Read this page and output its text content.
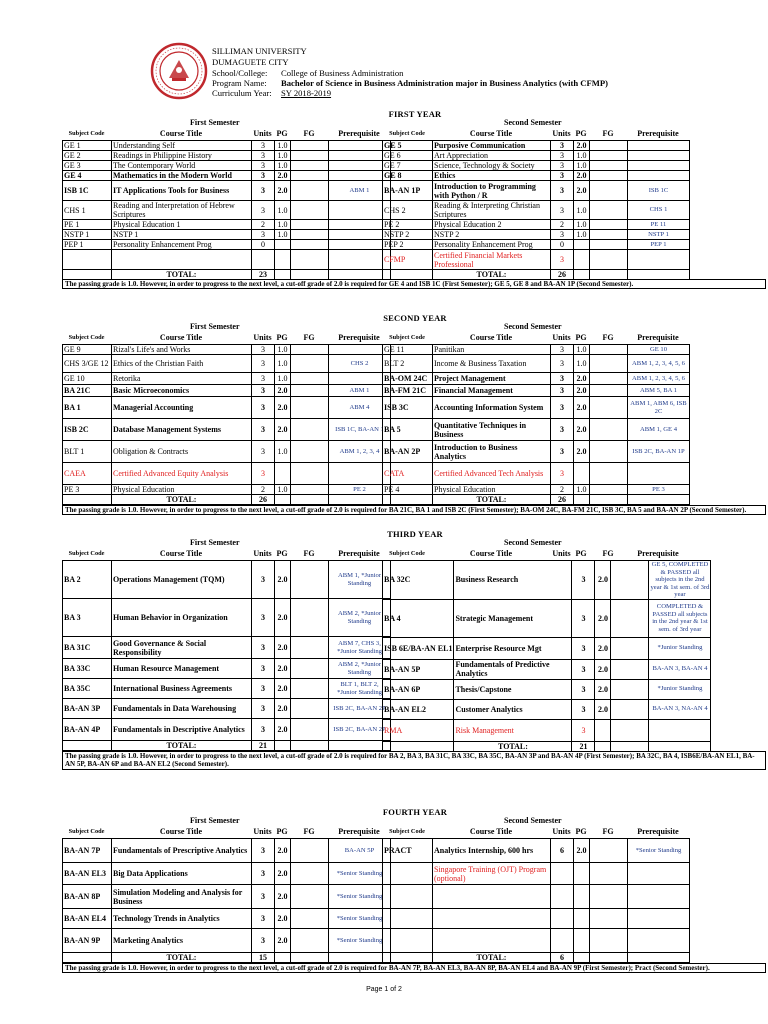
SILLIMAN UNIVERSITY
DUMAGUETE CITY
School/College: College of Business Administration
Program Name: Bachelor of Science in Business Administration major in Business Analytics (with CFMP)
Curriculum Year: SY 2018-2019
FIRST YEAR
First Semester
Subject Code	Course Title	Units PG	FG	Prerequisite
GE 1	Understanding Self	3	1.0		
GE 2	Readings in Philippine History	3	1.0		
GE 3	The Contemporary World	3	1.0		
GE 4	Mathematics in the Modern World	3	2.0		
ISB 1C	IT Applications Tools for Business	3	2.0		ABM 1
CHS 1	Reading and Interpretation of Hebrew Scriptures	3	1.0		
PE 1	Physical Education 1	2	1.0		
NSTP 1	NSTP 1	3	1.0		
PEP 1	Personality Enhancement Prog	0			

	TOTAL:	23			
Second Semester
Subject Code	Course Title	Units PG	FG	Prerequisite
GE 5	Purposive Communication	3	2.0		
GE 6	Art Appreciation	3	1.0		
GE 7	Science, Technology & Society	3	1.0		
GE 8	Ethics	3	2.0		
BA-AN 1P	Introduction to Programming with Python / R	3	2.0		ISB 1C
CHS 2	Reading & Interpreting Christian Scriptures	3	1.0		CHS 1
PE 2	Physical Education 2	2	1.0		PE 11
NSTP 2	NSTP 2	3	1.0		NSTP 1
PEP 2	Personality Enhancement Prog	0			PEP 1
CFMP	Certified Financial Markets Professional	3			
	TOTAL:	26			
The passing grade is 1.0. However, in order to progress to the next level, a cut-off grade of 2.0 is required for GE 4 and ISB 1C (First Semester); GE 5, GE 8 and BA-AN 1P (Second Semester).
SECOND YEAR
First Semester
Subject Code	Course Title	Units PG	FG	Prerequisite
GE 9	Rizal's Life's and Works	3	1.0		
CHS 3/GE 12	Ethics of the Christian Faith	3	1.0		CHS 2
GE 10	Retorika	3	1.0		
BA 21C	Basic Microeconomics	3	2.0		ABM 1
BA 1	Managerial Accounting	3	2.0		ABM 4
ISB 2C	Database Management Systems	3	2.0		ISB 1C, BA-AN 1
BLT 1	Obligation & Contracts	3	1.0		ABM 1, 2, 3, 4
CAEA	Certified Advanced Equity Analysis	3			
PE 3	Physical Education	2	1.0		PE 2
	TOTAL:	26			
Second Semester
Subject Code	Course Title	Units PG	FG	Prerequisite
GE 11	Panitikan	3	1.0		GE 10
BLT 2	Income & Business Taxation	3	1.0		ABM 1, 2, 3, 4, 5, 6
BA-OM 24C	Project Management	3	2.0		ABM 1, 2, 3, 4, 5, 6
BA-FM 21C	Financial Management	3	2.0		ABM 5, BA 1
ISB 3C	Accounting Information System	3	2.0		ABM 1, ABM 6, ISB 2C
BA 5	Quantitative Techniques in Business	3	2.0		ABM 1, GE 4
BA-AN 2P	Introduction to Business Analytics	3	2.0		ISB 2C, BA-AN 1P
CATA	Certified Advanced Tech Analysis	3			
PE 4	Physical Education	2	1.0		PE 3
	TOTAL:	26			
The passing grade is 1.0. However, in order to progress to the next level, a cut-off grade of 2.0 is required for BA 21C, BA 1 and ISB 2C (First Semester); BA-OM 24C, BA-FM 21C, ISB 3C, BA 5 and BA-AN 2P (Second Semester).
THIRD YEAR
First Semester
Subject Code	Course Title	Units PG	FG	Prerequisite
BA 2	Operations Management (TQM)	3	2.0		ABM 1, *Junior Standing
BA 3	Human Behavior in Organization	3	2.0		ABM 2, *Junior Standing
BA 31C	Good Governance & Social Responsibility	3	2.0		ABM 7, CHS 3, *Junior Standing
BA 33C	Human Resource Management	3	2.0		ABM 2, *Junior Standing
BA 35C	International Business Agreements	3	2.0		BLT 1, BLT 2, *Junior Standing
BA-AN 3P	Fundamentals in Data Warehousing	3	2.0		ISB 2C, BA-AN 2P
BA-AN 4P	Fundamentals in Descriptive Analytics	3	2.0		ISB 2C, BA-AN 2P
	TOTAL:	21			
Second Semester
Subject Code	Course Title	Units PG	FG	Prerequisite
BA 32C	Business Research	3	2.0		GE 5, COMPLETED & PASSED all subjects in the 2nd year & 1st sem. of 3rd year
BA 4	Strategic Management	3	2.0		COMPLETED & PASSED all subjects in the 2nd year & 1st sem. of 3rd year
ISB 6E/BA-AN EL1	Enterprise Resource Mgt	3	2.0		*Junior Standing
BA-AN 5P	Fundamentals of Predictive Analytics	3	2.0		BA-AN 3, BA-AN 4
BA-AN 6P	Thesis/Capstone	3	2.0		*Junior Standing
BA-AN EL2	Customer Analytics	3	2.0		BA-AN 3, NA-AN 4
RMA	Risk Management	3			
	TOTAL:	21			
The passing grade is 1.0. However, in order to progress to the next level, a cut-off grade of 2.0 is required for BA 2, BA 3, BA 31C, BA 33C, BA 35C, BA-AN 3P and BA-AN 4P (First Semester); BA 32C, BA 4, ISB6E/BA-AN EL1, BA-AN 5P, BA-AN 6P and BA-AN EL2 (Second Semester).
FOURTH YEAR
First Semester
Subject Code	Course Title	Units PG	FG	Prerequisite
BA-AN 7P	Fundamentals of Prescriptive Analytics	3	2.0		BA-AN 5P
BA-AN EL3	Big Data Applications	3	2.0		*Senior Standing
BA-AN 8P	Simulation Modeling and Analysis for Business	3	2.0		*Senior Standing
BA-AN EL4	Technology Trends in Analytics	3	2.0		*Senior Standing
BA-AN 9P	Marketing Analytics	3	2.0		*Senior Standing
	TOTAL:	15			
Second Semester
Subject Code	Course Title	Units PG	FG	Prerequisite
PRACT	Analytics Internship, 600 hrs	6	2.0		*Senior Standing
	Singapore Training (OJT) Program (optional)				

	TOTAL:	6			
The passing grade is 1.0. However, in order to progress to the next level, a cut-off grade of 2.0 is required for BA-AN 7P, BA-AN EL3, BA-AN 8P, BA-AN EL4 and BA-AN 9P (First Semester); Pract (Second Semester).
Page 1 of 2
